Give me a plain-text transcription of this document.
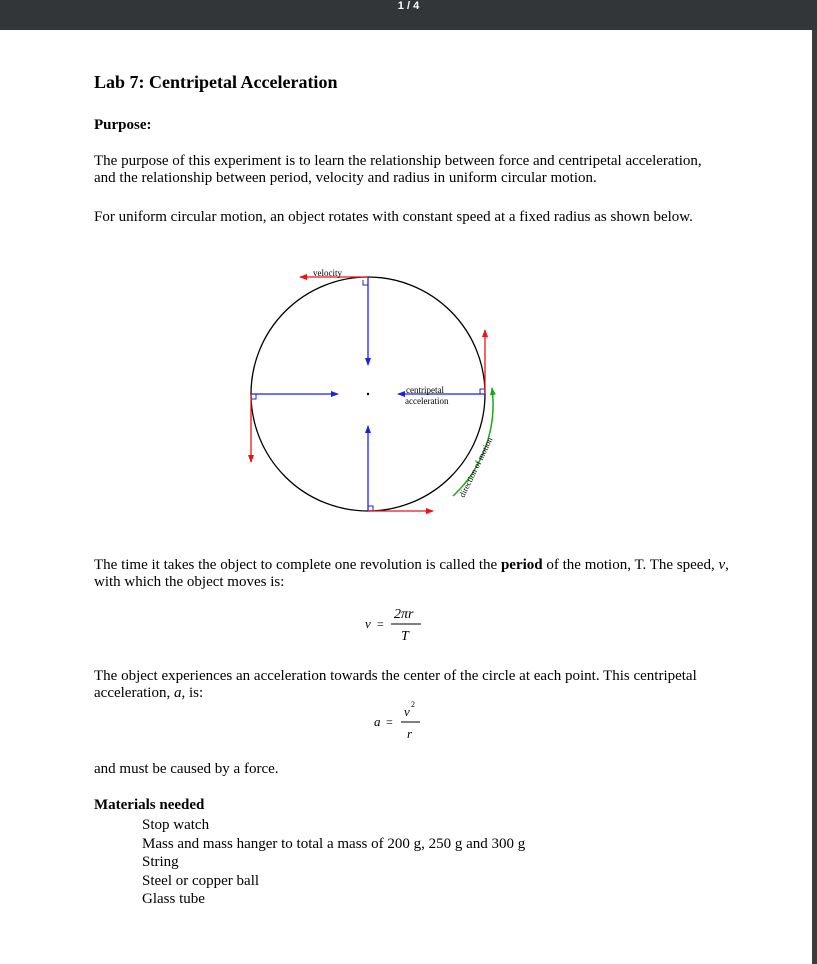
1 / 4

Lab 7: Centripetal Acceleration

Purpose:

The purpose of this experiment is to learn the relationship between force and centripetal acceleration, and the relationship between period, velocity and radius in uniform circular motion.

For uniform circular motion, an object rotates with constant speed at a fixed radius as shown below.

velocity
centripetal
acceleration
direction of motion

The time it takes the object to complete one revolution is called the period of the motion, T. The speed, v, with which the object moves is:

v =
2πr
T

The object experiences an acceleration towards the center of the circle at each point. This centripetal acceleration, a, is:

a =
v 2
r

and must be caused by a force.

Materials needed

Stop watch
Mass and mass hanger to total a mass of 200 g, 250 g and 300 g
String
Steel or copper ball
Glass tube
